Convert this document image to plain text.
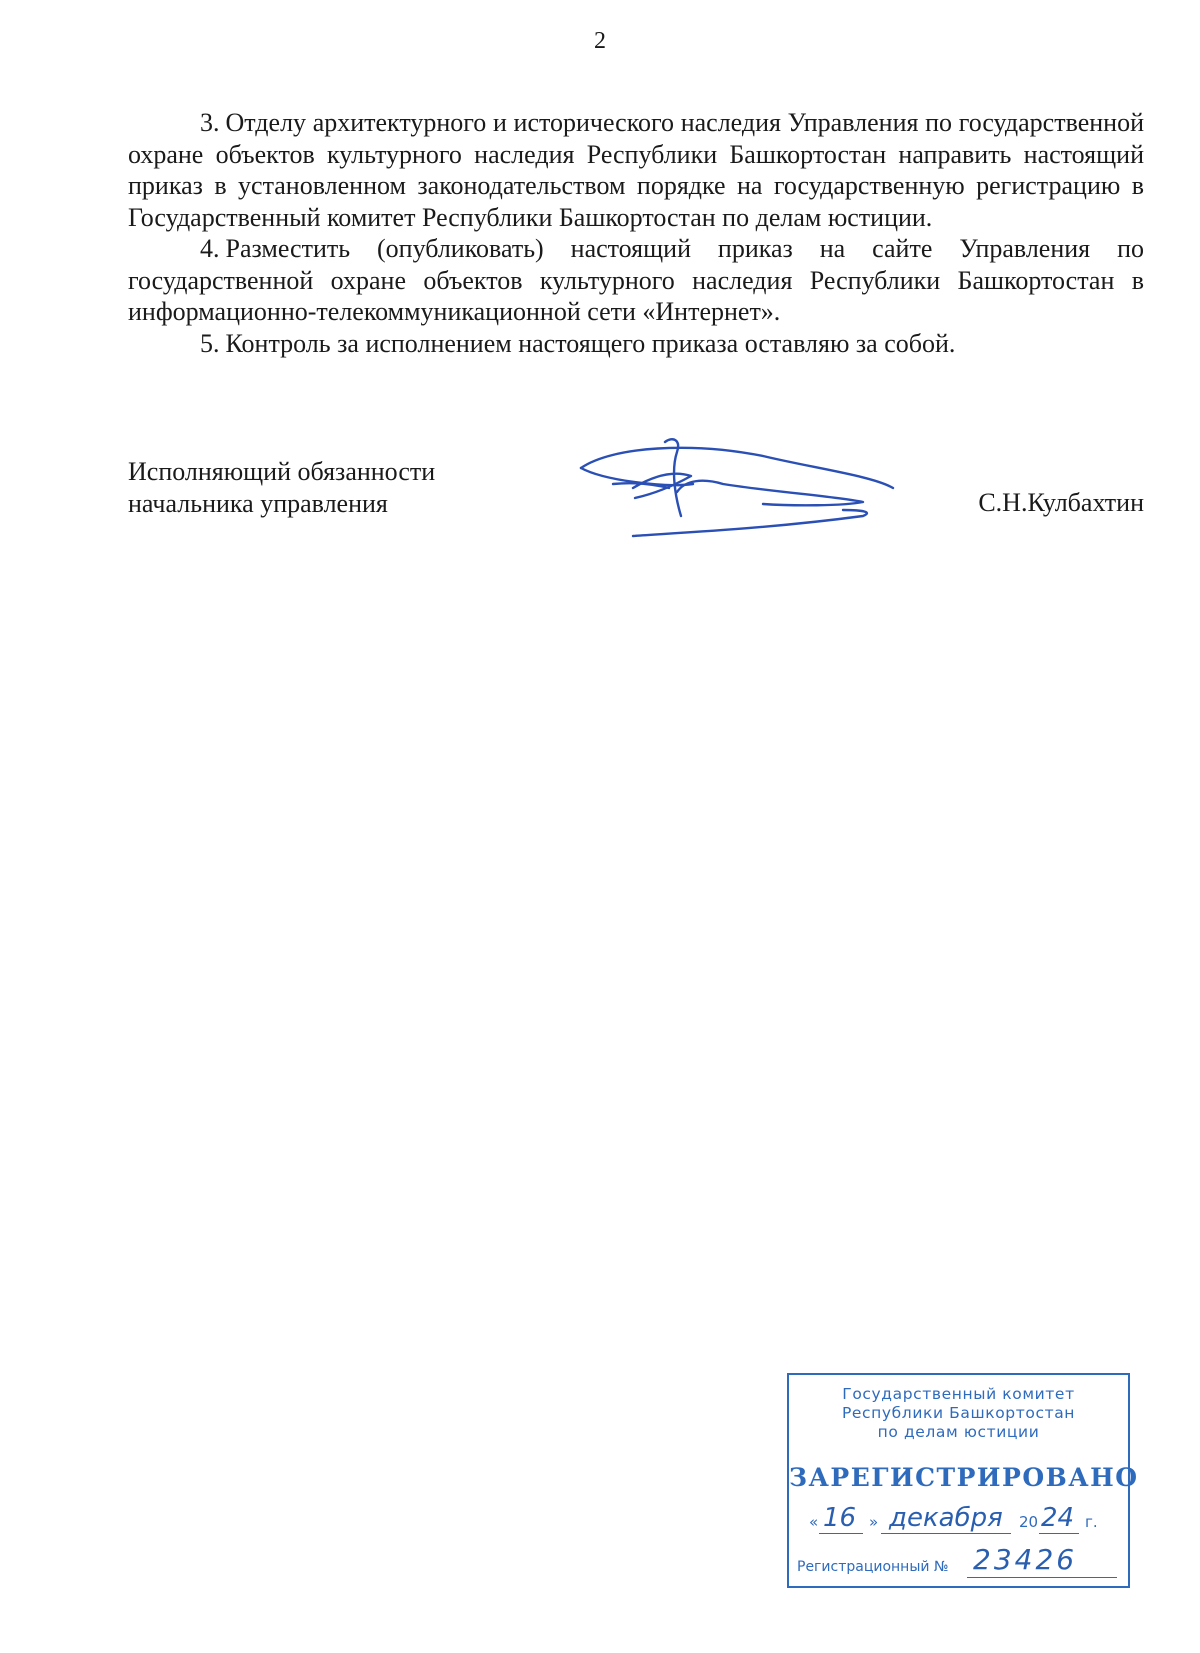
2

3. Отделу архитектурного и исторического наследия Управления по государственной охране объектов культурного наследия Республики Башкортостан направить настоящий приказ в установленном законодательством порядке на государственную регистрацию в Государственный комитет Республики Башкортостан по делам юстиции.

4. Разместить (опубликовать) настоящий приказ на сайте Управления по государственной охране объектов культурного наследия Республики Башкортостан в информационно-телекоммуникационной сети «Интернет».

5. Контроль за исполнением настоящего приказа оставляю за собой.

Исполняющий обязанности
начальника управления	С.Н.Кулбахтин
Государственный комитет
Республики Башкортостан
по делам юстиции
ЗАРЕГИСТРИРОВАНО
« 16 » декабря 20 24 г.
Регистрационный № 23426
